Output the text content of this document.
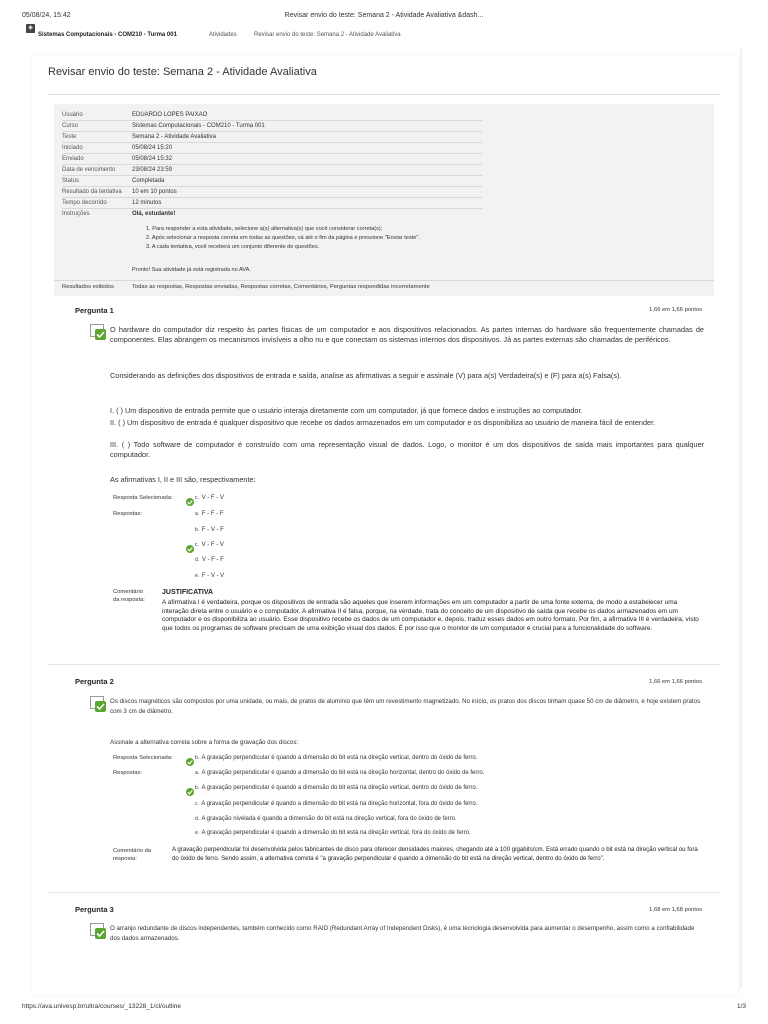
05/08/24, 15:42	Revisar envio do teste: Semana 2 - Atividade Avaliativa &dash...
◈
Sistemas Computacionais - COM210 - Turma 001	Atividades	Revisar envio do teste: Semana 2 - Atividade Avaliativa
Revisar envio do teste: Semana 2 - Atividade Avaliativa
Usuário	EDUARDO LOPES PAIXAO
Curso	Sistemas Computacionais - COM210 - Turma 001
Teste	Semana 2 - Atividade Avaliativa
Iniciado	05/08/24 15:20
Enviado	05/08/24 15:32
Data de vencimento	23/08/24 23:59
Status	Completada
Resultado da tentativa 10 em 10 pontos
Tempo decorrido	12 minutos
Instruções	Olá, estudante!
1. Para responder a esta atividade, selecione a(s) alternativa(s) que você considerar correta(s);
2. Após selecionar a resposta correta em todas as questões, vá até o fim da página e pressione "Enviar teste".
3. A cada tentativa, você receberá um conjunto diferente de questões.
Pronto! Sua atividade já está registrada no AVA.
Resultados exibidos	Todas as respostas, Respostas enviadas, Respostas corretas, Comentários, Perguntas respondidas incorretamente
Pergunta 1	1,66 em 1,66 pontos
O hardware do computador diz respeito às partes físicas de um computador e aos dispositivos relacionados. As partes internas do hardware são frequentemente chamadas de componentes. Elas abrangem os mecanismos invisíveis a olho nu e que conectam os sistemas internos dos dispositivos. Já as partes externas são chamadas de periféricos.
Considerando as definições dos dispositivos de entrada e saída, analise as afirmativas a seguir e assinale (V) para a(s) Verdadeira(s) e (F) para a(s) Falsa(s).
I. ( ) Um dispositivo de entrada permite que o usuário interaja diretamente com um computador, já que fornece dados e instruções ao computador.
II. ( ) Um dispositivo de entrada é qualquer dispositivo que recebe os dados armazenados em um computador e os disponibiliza ao usuário de maneira fácil de entender.
III. ( ) Todo software de computador é construído com uma representação visual de dados. Logo, o monitor é um dos dispositivos de saída mais importantes para qualquer computador.
As afirmativas I, II e III são, respectivamente:
Resposta Selecionada:	c. V - F - V
Respostas:	a. F - F - F
b. F - V - F
c. V - F - V
d. V - F - F
e. F - V - V
Comentário
da resposta:
JUSTIFICATIVA
A afirmativa I é verdadeira, porque os dispositivos de entrada são aqueles que inserem informações em um computador a partir de uma fonte externa, de modo a estabelecer uma interação direta entre o usuário e o computador. A afirmativa II é falsa, porque, na verdade, trata do conceito de um dispositivo de saída que recebe os dados armazenados em um computador e os disponibiliza ao usuário. Esse dispositivo recebe os dados de um computador e, depois, traduz esses dados em outro formato. Por fim, a afirmativa III é verdadeira, visto que todos os programas de software precisam de uma exibição visual dos dados. É por isso que o monitor de um computador é crucial para a funcionalidade do software.
Pergunta 2	1,66 em 1,66 pontos
Os discos magnéticos são compostos por uma unidade, ou mais, de pratos de alumínio que têm um revestimento magnetizado. No início, os pratos dos discos tinham quase 50 cm de diâmetro, e hoje existem pratos com 3 cm de diâmetro.
Assinale a alternativa correta sobre a forma de gravação dos discos:
Resposta Selecionada:	b. A gravação perpendicular é quando a dimensão do bit está na direção vertical, dentro do óxido de ferro.
Respostas:	a. A gravação perpendicular é quando a dimensão do bit está na direção horizontal, dentro do óxido de ferro.
b. A gravação perpendicular é quando a dimensão do bit está na direção vertical, dentro do óxido de ferro.
c. A gravação perpendicular é quando a dimensão do bit está na direção horizontal, fora do óxido de ferro.
d. A gravação nivelada é quando a dimensão do bit está na direção vertical, fora do óxido de ferro.
e. A gravação perpendicular é quando a dimensão do bit está na direção vertical, fora do óxido de ferro.
Comentário da
resposta:
A gravação perpendicular foi desenvolvida pelos fabricantes de disco para oferecer densidades maiores, chegando até a 100 gigabits/cm. Está errado quando o bit está na direção vertical ou fora do óxido de ferro. Sendo assim, a alternativa correta é "a gravação perpendicular é quando a dimensão do bit está na direção vertical, dentro do óxido de ferro".
Pergunta 3	1,68 em 1,68 pontos
O arranjo redundante de discos independentes, também conhecido como RAID (Redundant Array of Independent Disks), é uma tecnologia desenvolvida para aumentar o desempenho, assim como a confiabilidade dos dados armazenados.
https://ava.univesp.br/ultra/courses/_13228_1/cl/outline	1/3
